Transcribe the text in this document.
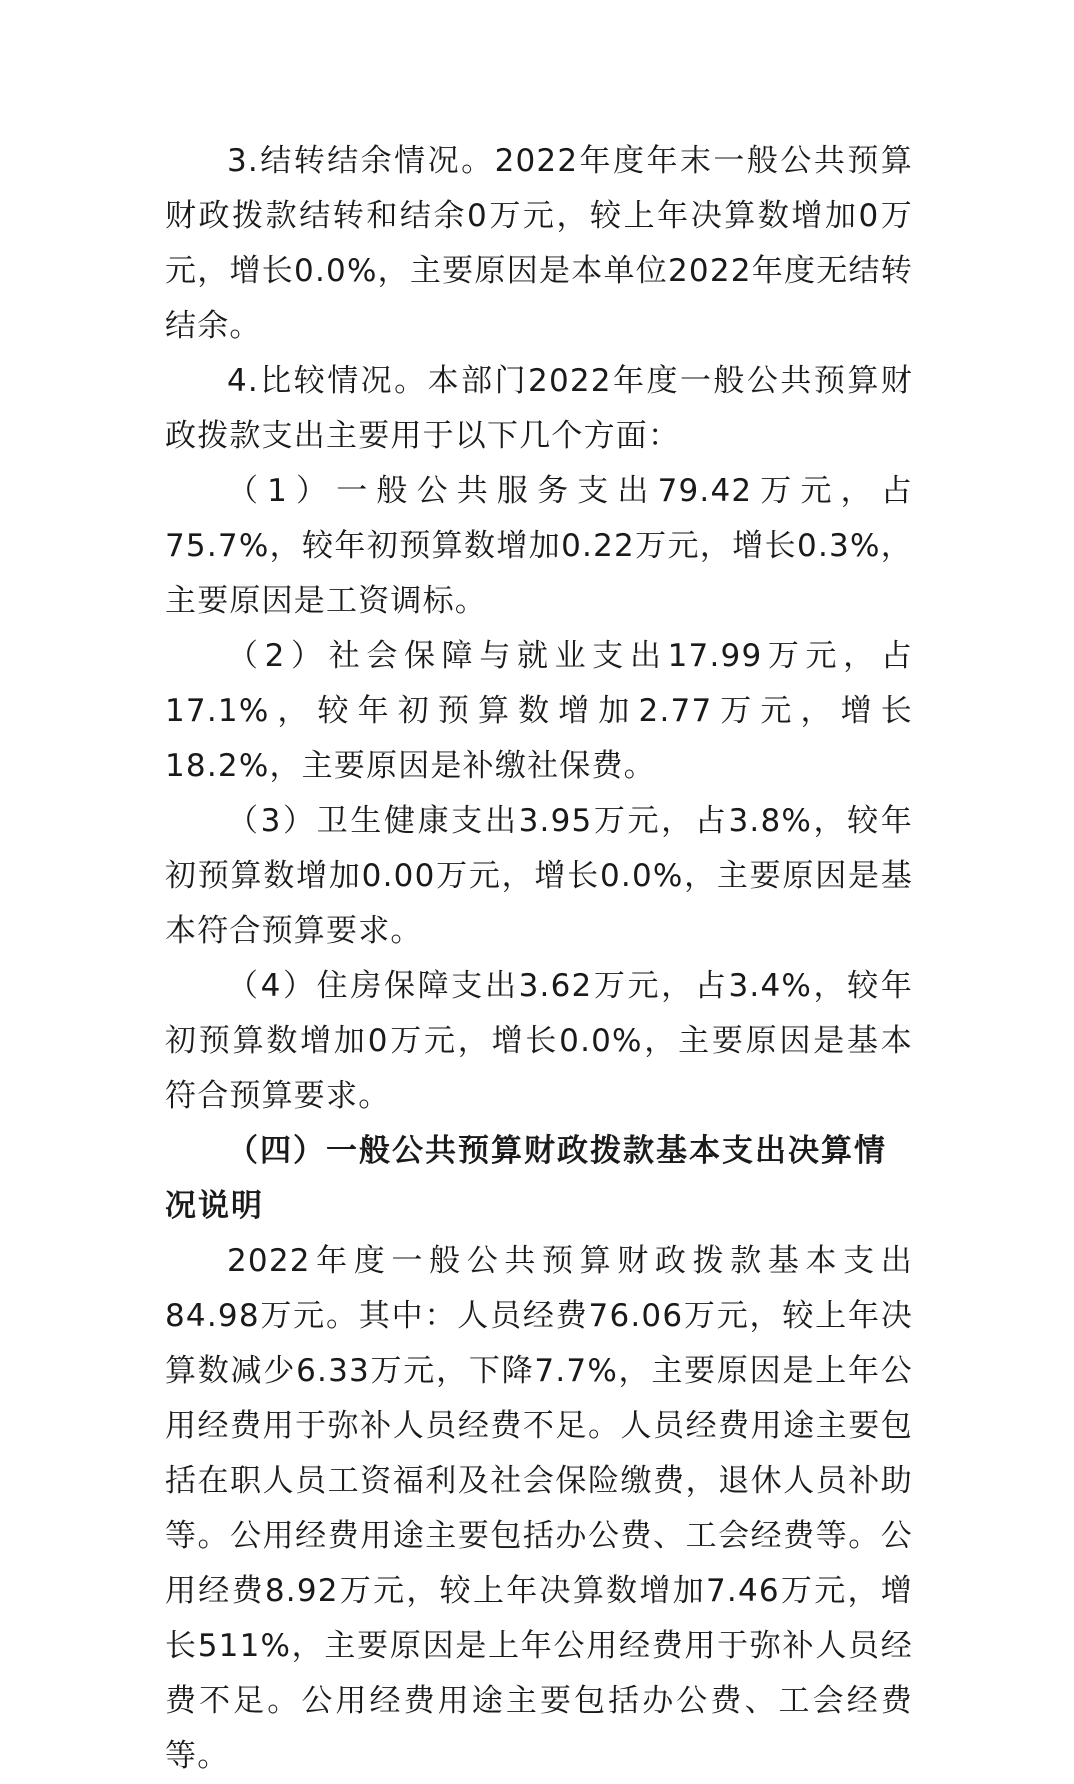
3.结转结余情况。2022年度年末一般公共预算财政拨款结转和结余0万元，较上年决算数增加0万元，增长0.0%，主要原因是本单位2022年度无结转结余。

4.比较情况。本部门2022年度一般公共预算财政拨款支出主要用于以下几个方面：

（1）一般公共服务支出79.42万元，占75.7%，较年初预算数增加0.22万元，增长0.3%，主要原因是工资调标。

（2）社会保障与就业支出17.99万元，占17.1%，较年初预算数增加2.77万元，增长18.2%，主要原因是补缴社保费。

（3）卫生健康支出3.95万元，占3.8%，较年初预算数增加0.00万元，增长0.0%，主要原因是基本符合预算要求。

（4）住房保障支出3.62万元，占3.4%，较年初预算数增加0万元，增长0.0%，主要原因是基本符合预算要求。

（四）一般公共预算财政拨款基本支出决算情况说明

2022年度一般公共预算财政拨款基本支出84.98万元。其中：人员经费76.06万元，较上年决算数减少6.33万元，下降7.7%，主要原因是上年公用经费用于弥补人员经费不足。人员经费用途主要包括在职人员工资福利及社会保险缴费，退休人员补助等。公用经费用途主要包括办公费、工会经费等。公用经费8.92万元，较上年决算数增加7.46万元，增长511%，主要原因是上年公用经费用于弥补人员经费不足。公用经费用途主要包括办公费、工会经费等。
